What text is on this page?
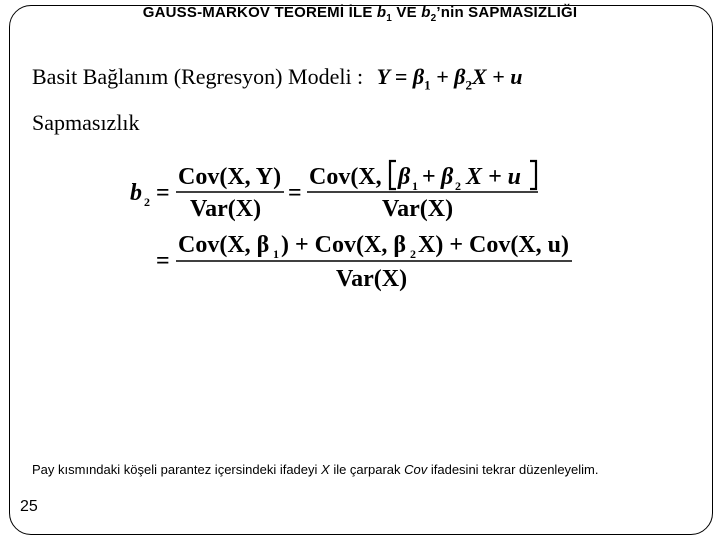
GAUSS-MARKOV TEOREMİ İLE $b_1$ VE $b_2’nin$ SAPMASIZLIĞI
Basit Bağlanım (Regresyon) Modeli : $Y = \beta_1 + \beta_2X + u$
Sapmasızlık
b 2 =
Cov(X, Y)
Var(X)
=
Cov(X, β 1 + β 2 X + u
Var(X)
=
Cov(X, β 1 ) + Cov(X, β 2 X) + Cov(X, u)
Var(X)
Pay kısmındaki köşeli parantez içersindeki ifadeyi X ile çarparak Cov ifadesini tekrar düzenleyelim.
25
